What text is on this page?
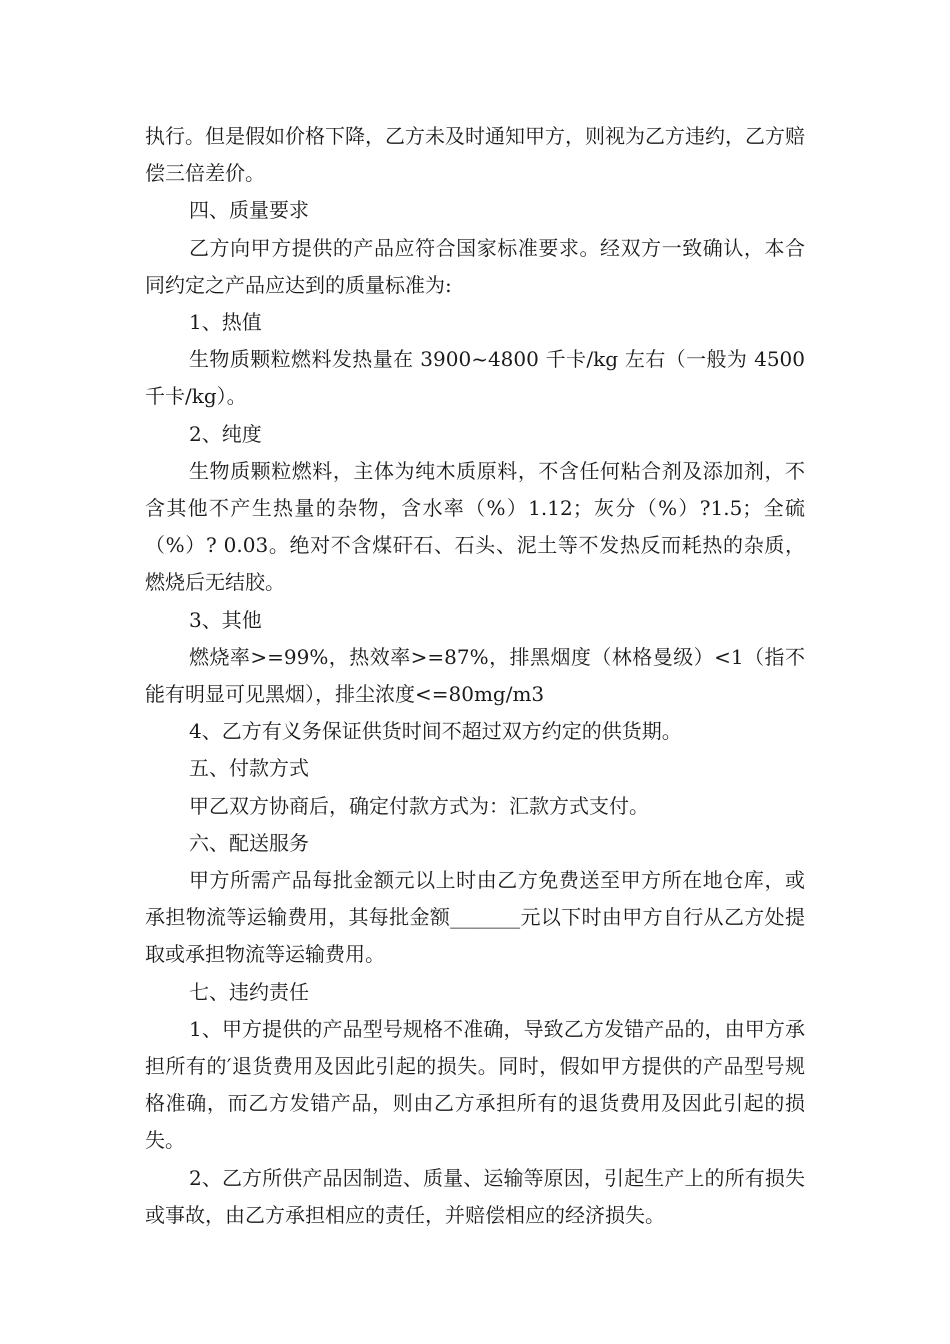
执行。但是假如价格下降，乙方未及时通知甲方，则视为乙方违约，乙方赔偿三倍差价。

四、质量要求

乙方向甲方提供的产品应符合国家标准要求。经双方一致确认，本合同约定之产品应达到的质量标准为:

1、热值

生物质颗粒燃料发热量在 3900~4800 千卡/kg 左右（一般为 4500 千卡/kg）。

2、纯度

生物质颗粒燃料，主体为纯木质原料，不含任何粘合剂及添加剂，不含其他不产生热量的杂物，含水率（%）1.12；灰分（%）?1.5；全硫（%）? 0.03。绝对不含煤矸石、石头、泥土等不发热反而耗热的杂质，燃烧后无结胶。

3、其他

燃烧率>=99%，热效率>=87%，排黑烟度（林格曼级）<1（指不能有明显可见黑烟），排尘浓度<=80mg/m3

4、乙方有义务保证供货时间不超过双方约定的供货期。

五、付款方式

甲乙双方协商后，确定付款方式为：汇款方式支付。

六、配送服务

甲方所需产品每批金额元以上时由乙方免费送至甲方所在地仓库，或承担物流等运输费用，其每批金额_______元以下时由甲方自行从乙方处提取或承担物流等运输费用。

七、违约责任

1、甲方提供的产品型号规格不准确，导致乙方发错产品的，由甲方承担所有的′退货费用及因此引起的损失。同时，假如甲方提供的产品型号规格准确，而乙方发错产品，则由乙方承担所有的退货费用及因此引起的损失。

2、乙方所供产品因制造、质量、运输等原因，引起生产上的所有损失或事故，由乙方承担相应的责任，并赔偿相应的经济损失。
